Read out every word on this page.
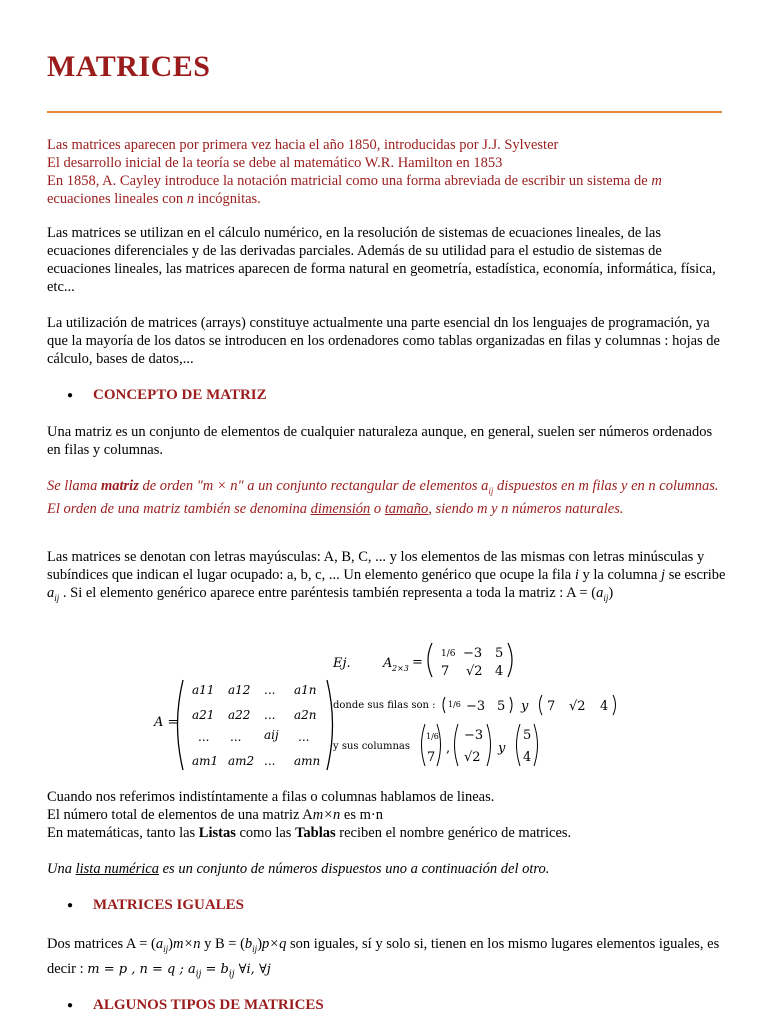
MATRICES

Las matrices aparecen por primera vez hacia el año 1850, introducidas por J.J. Sylvester

El desarrollo inicial de la teoría se debe al matemático W.R. Hamilton en 1853

En 1858, A. Cayley introduce la notación matricial como una forma abreviada de escribir un sistema de m ecuaciones lineales con n incógnitas.

Las matrices se utilizan en el cálculo numérico, en la resolución de sistemas de ecuaciones lineales, de las ecuaciones diferenciales y de las derivadas parciales. Además de su utilidad para el estudio de sistemas de ecuaciones lineales, las matrices aparecen de forma natural en geometría, estadística, economía, informática, física, etc...

La utilización de matrices (arrays) constituye actualmente una parte esencial dn los lenguajes de programación, ya que la mayoría de los datos se introducen en los ordenadores como tablas organizadas en filas y columnas : hojas de cálculo, bases de datos,...

● CONCEPTO DE MATRIZ

Una matriz es un conjunto de elementos de cualquier naturaleza aunque, en general, suelen ser números ordenados en filas y columnas.

Se llama matriz de orden "m × n" a un conjunto rectangular de elementos $a_{ij}$ dispuestos en m filas y en n columnas. El orden de una matriz también se denomina dimensión o tamaño, siendo m y n números naturales.

Las matrices se denotan con letras mayúsculas: A, B, C, ... y los elementos de las mismas con letras minúsculas y subíndices que indican el lugar ocupado: a, b, c, ... Un elemento genérico que ocupe la fila i y la columna j se escribe $a_{ij}$ . Si el elemento genérico aparece entre paréntesis también representa a toda la matriz : $A = (a_{ij})$

Ej. A 2×3 =
1/6 −3 5
7 √2 4
A =
a11 a12 ... a1n
a21 a22 ... a2n
... ... aij ...
am1 am2 ... amn
donde sus filas son : 1/6 −3 5 y 7 √2 4
y sus columnas
1/6
7
,
−3
√2
y
5
4

Cuando nos referimos indistíntamente a filas o columnas hablamos de lineas.

El número total de elementos de una matriz Am×n es m·n

En matemáticas, tanto las Listas como las Tablas reciben el nombre genérico de matrices.

Una lista numérica es un conjunto de números dispuestos uno a continuación del otro.

● MATRICES IGUALES

Dos matrices $A = (a_{ij})m\times n$ y $B = (b_{ij})p\times q$ son iguales, sí y solo si, tienen en los mismo lugares elementos iguales, es decir : m = p , n = q ; $a_{ij} = b_{ij}$ ∀i, ∀j

● ALGUNOS TIPOS DE MATRICES
